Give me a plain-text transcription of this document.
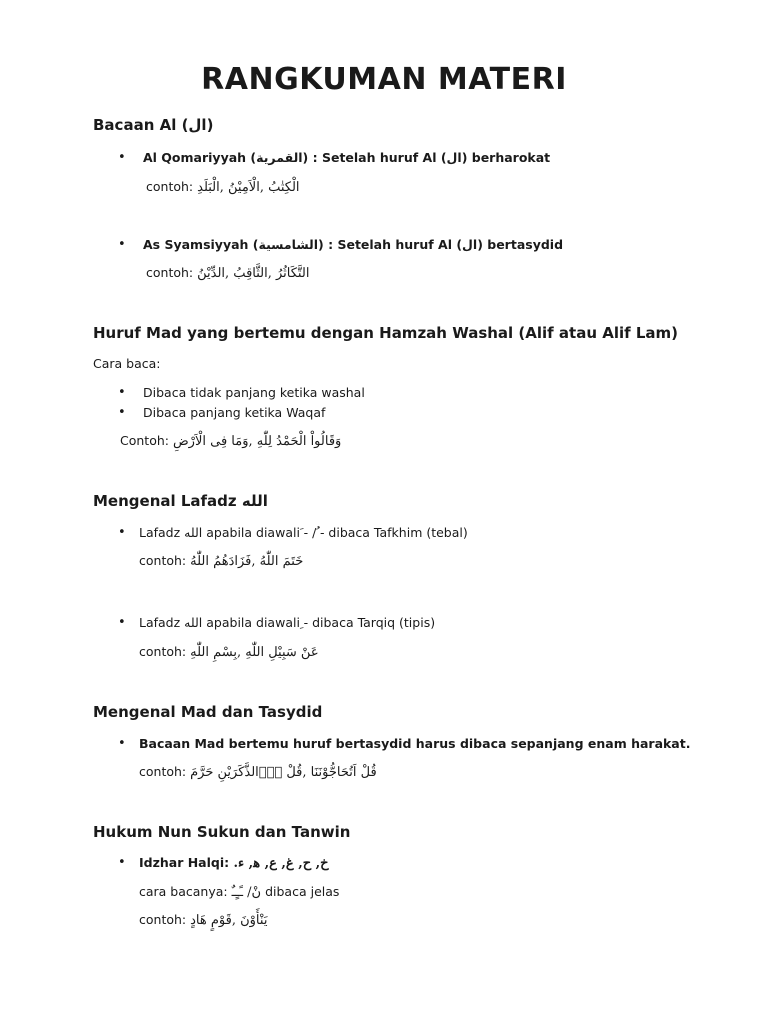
RANGKUMAN MATERI
Bacaan Al (ال)
• Al Qomariyyah (القمرية) : Setelah huruf Al (ال) berharokat
contoh: الْكِتٰبُ ,الْاَمِيْنُ ,الْبَلَدِ
• As Syamsiyyah (الشامسية) : Setelah huruf Al (ال) bertasydid
contoh: التَّكَاثُرُ ,الثَّاقِبُ ,الدِّيْنُ
Huruf Mad yang bertemu dengan Hamzah Washal (Alif atau Alif Lam)
Cara baca:
• Dibaca tidak panjang ketika washal
• Dibaca panjang ketika Waqaf
Contoh: وَقَالُواْ الْحَمْدُ لِلّٰهِ ,وَمَا فِى الْاَرْضِ
Mengenal Lafadz الله
• Lafadz الله apabila diawali َ- / ُ- dibaca Tafkhim (tebal)
contoh: خَتَمَ اللّٰهُ ,فَزَادَهُمُ اللّٰهُ
• Lafadz الله apabila diawali ِ- dibaca Tarqiq (tipis)
contoh: عَنْ سَبِيْلِ اللّٰهِ ,بِسْمِ اللّٰهِ
Mengenal Mad dan Tasydid
• Bacaan Mad bertemu huruf bertasydid harus dibaca sepanjang enam harakat.
contoh: قُلْ اَتُحَاجُّوْنَنَا ,قُلْ ءٰۤالذَّكَرَيْنِ حَرَّمَ
Hukum Nun Sukun dan Tanwin
• Idzhar Halqi: خ, ح, غ, ع, ﻫ, ء.
cara bacanya: نْ/ ـًـٍـٌ dibaca jelas
contoh: يَنْأَوْنَ ,قَوْمٍ هَادٍ
